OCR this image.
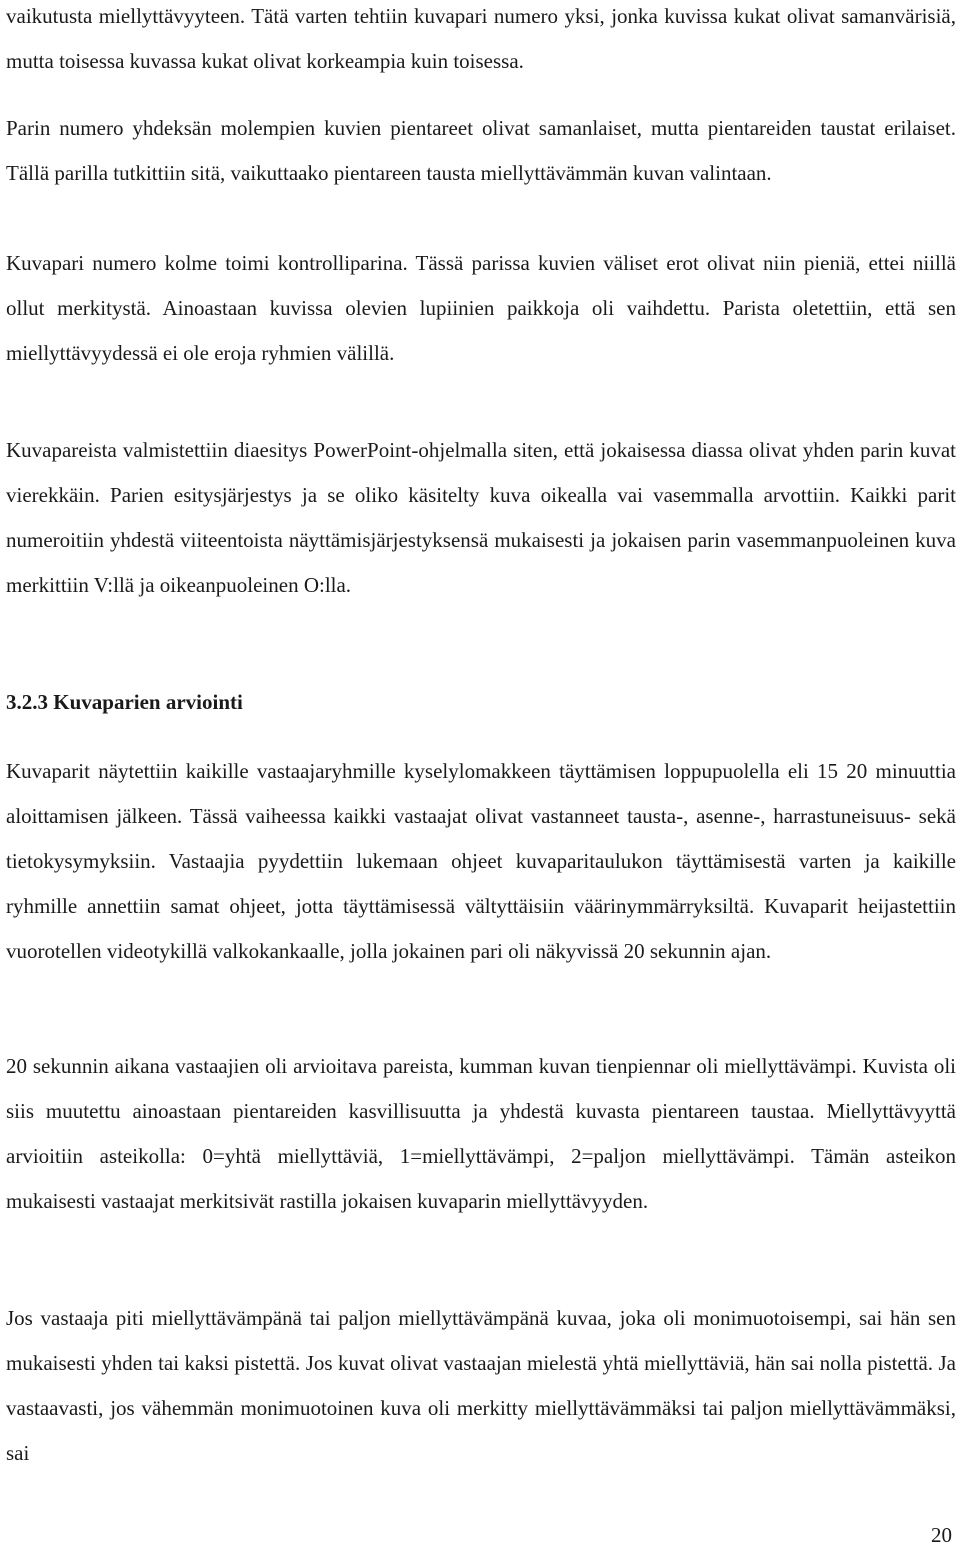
vaikutusta miellyttävyyteen. Tätä varten tehtiin kuvapari numero yksi, jonka kuvissa kukat olivat samanvärisiä, mutta toisessa kuvassa kukat olivat korkeampia kuin toisessa.

Parin numero yhdeksän molempien kuvien pientareet olivat samanlaiset, mutta pientareiden taustat erilaiset. Tällä parilla tutkittiin sitä, vaikuttaako pientareen tausta miellyttävämmän kuvan valintaan.

Kuvapari numero kolme toimi kontrolliparina. Tässä parissa kuvien väliset erot olivat niin pieniä, ettei niillä ollut merkitystä. Ainoastaan kuvissa olevien lupiinien paikkoja oli vaihdettu. Parista oletettiin, että sen miellyttävyydessä ei ole eroja ryhmien välillä.

Kuvapareista valmistettiin diaesitys PowerPoint-ohjelmalla siten, että jokaisessa diassa olivat yhden parin kuvat vierekkäin. Parien esitysjärjestys ja se oliko käsitelty kuva oikealla vai vasemmalla arvottiin. Kaikki parit numeroitiin yhdestä viiteentoista näyttämisjärjestyksensä mukaisesti ja jokaisen parin vasemmanpuoleinen kuva merkittiin V:llä ja oikeanpuoleinen O:lla.

3.2.3 Kuvaparien arviointi

Kuvaparit näytettiin kaikille vastaajaryhmille kyselylomakkeen täyttämisen loppupuolella eli 15 20 minuuttia aloittamisen jälkeen. Tässä vaiheessa kaikki vastaajat olivat vastanneet tausta-, asenne-, harrastuneisuus- sekä tietokysymyksiin. Vastaajia pyydettiin lukemaan ohjeet kuvaparitaulukon täyttämisestä varten ja kaikille ryhmille annettiin samat ohjeet, jotta täyttämisessä vältyttäisiin väärinymmärryksiltä. Kuvaparit heijastettiin vuorotellen videotykillä valkokankaalle, jolla jokainen pari oli näkyvissä 20 sekunnin ajan.

20 sekunnin aikana vastaajien oli arvioitava pareista, kumman kuvan tienpiennar oli miellyttävämpi. Kuvista oli siis muutettu ainoastaan pientareiden kasvillisuutta ja yhdestä kuvasta pientareen taustaa. Miellyttävyyttä arvioitiin asteikolla: 0=yhtä miellyttäviä, 1=miellyttävämpi, 2=paljon miellyttävämpi. Tämän asteikon mukaisesti vastaajat merkitsivät rastilla jokaisen kuvaparin miellyttävyyden.

Jos vastaaja piti miellyttävämpänä tai paljon miellyttävämpänä kuvaa, joka oli monimuotoisempi, sai hän sen mukaisesti yhden tai kaksi pistettä. Jos kuvat olivat vastaajan mielestä yhtä miellyttäviä, hän sai nolla pistettä. Ja vastaavasti, jos vähemmän monimuotoinen kuva oli merkitty miellyttävämmäksi tai paljon miellyttävämmäksi, sai

20
